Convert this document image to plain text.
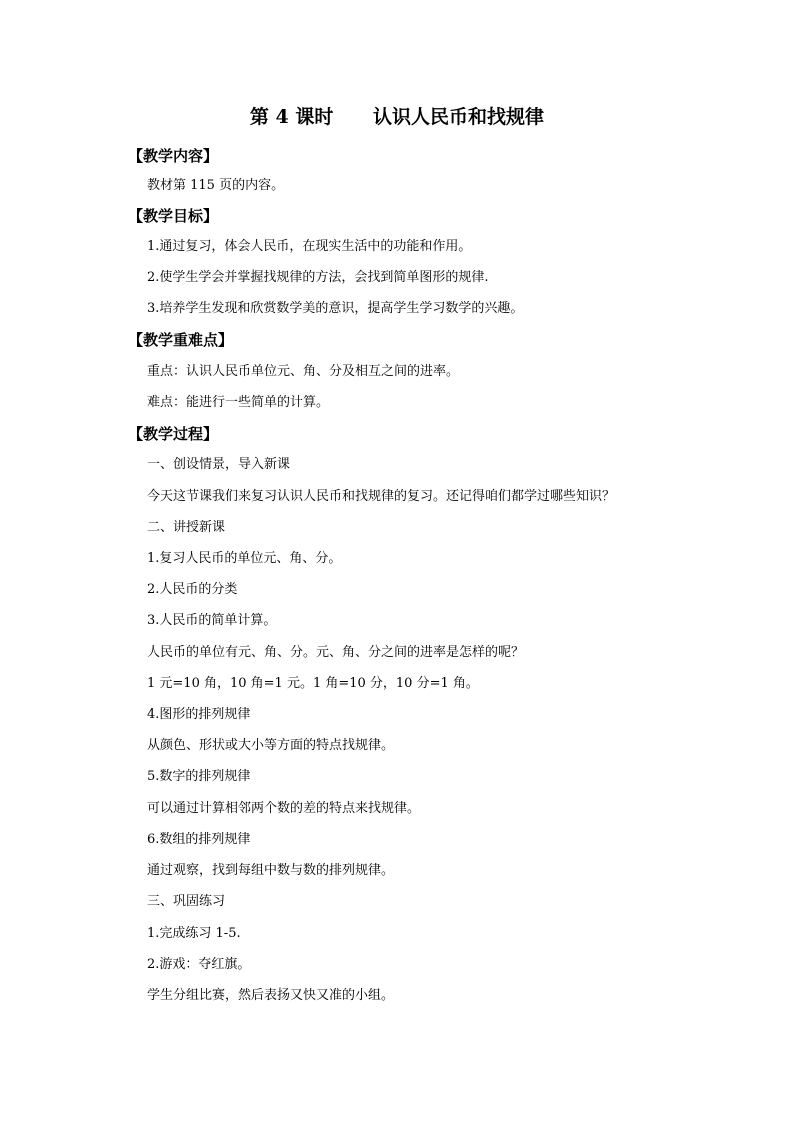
第 4 课时      认识人民币和找规律
【教学内容】
教材第 115 页的内容。
【教学目标】
1.通过复习，体会人民币，在现实生活中的功能和作用。
2.使学生学会并掌握找规律的方法，会找到简单图形的规律.
3.培养学生发现和欣赏数学美的意识，提高学生学习数学的兴趣。
【教学重难点】
重点：认识人民币单位元、角、分及相互之间的进率。
难点：能进行一些简单的计算。
【教学过程】
一、创设情景，导入新课
今天这节课我们来复习认识人民币和找规律的复习。还记得咱们都学过哪些知识？
二、讲授新课
1.复习人民币的单位元、角、分。
2.人民币的分类
3.人民币的简单计算。
人民币的单位有元、角、分。元、角、分之间的进率是怎样的呢？
1 元=10 角，10 角=1 元。1 角=10 分，10 分=1 角。
4.图形的排列规律
从颜色、形状或大小等方面的特点找规律。
5.数字的排列规律
可以通过计算相邻两个数的差的特点来找规律。
6.数组的排列规律
通过观察，找到每组中数与数的排列规律。
三、巩固练习
1.完成练习 1-5.
2.游戏：夺红旗。
学生分组比赛，然后表扬又快又准的小组。
